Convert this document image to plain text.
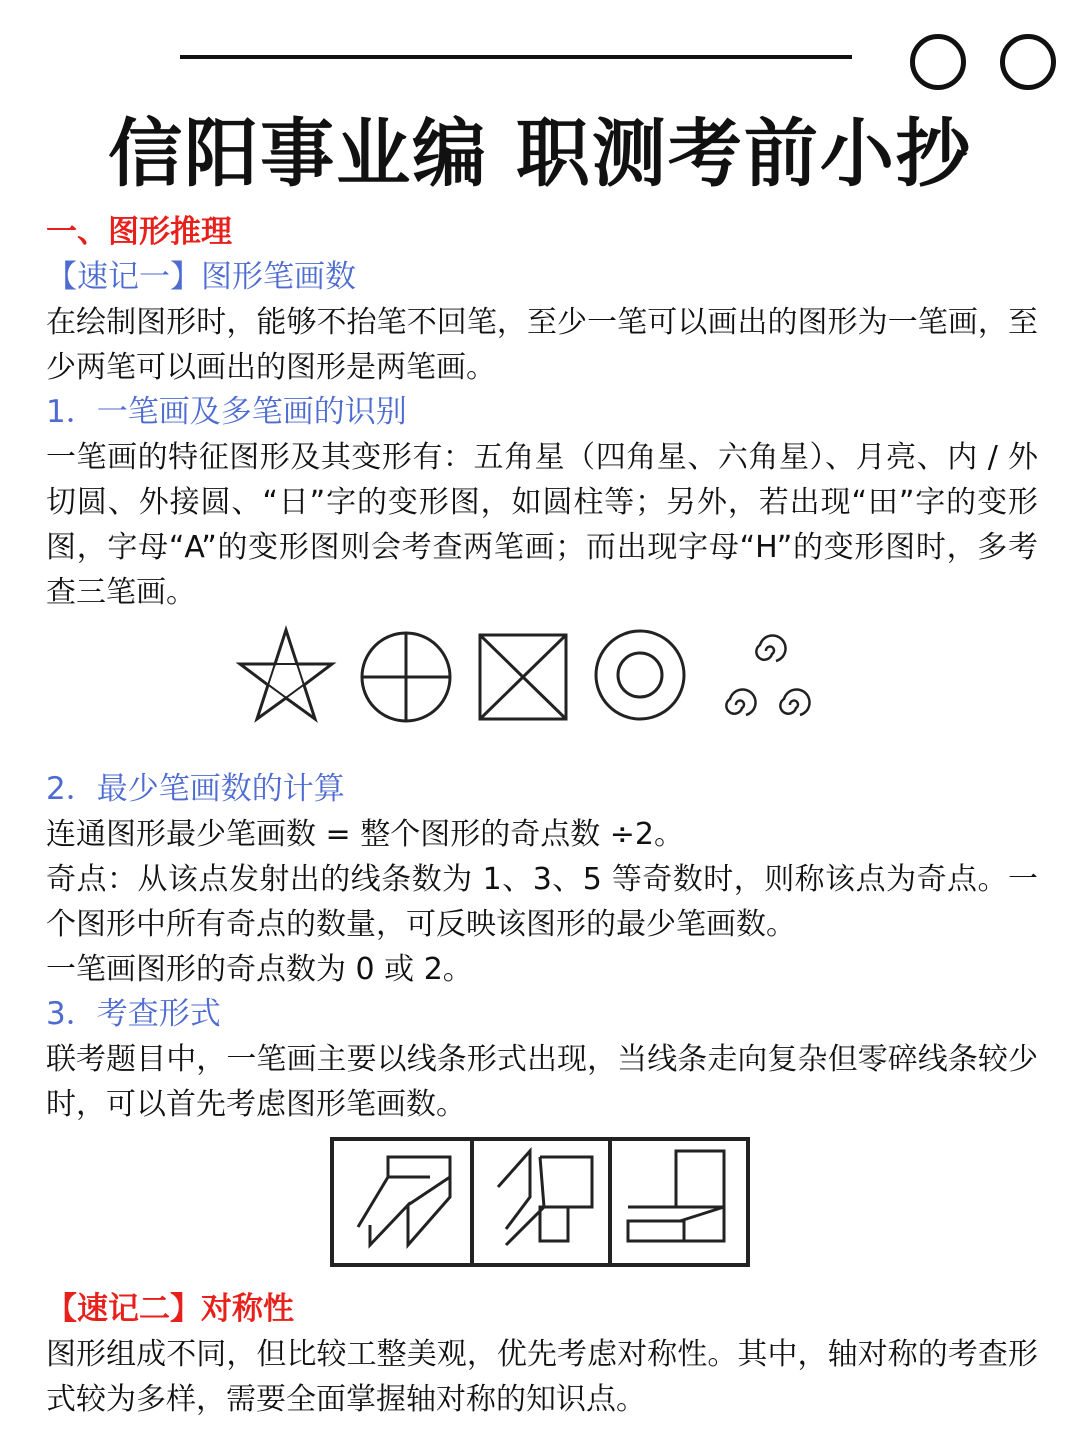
信阳事业编 职测考前小抄
一、图形推理
【速记一】图形笔画数
在绘制图形时，能够不抬笔不回笔，至少一笔可以画出的图形为一笔画，至少两笔可以画出的图形是两笔画。
1．一笔画及多笔画的识别
一笔画的特征图形及其变形有：五角星（四角星、六角星）、月亮、内 / 外切圆、外接圆、“日”字的变形图，如圆柱等；另外，若出现“田”字的变形图，字母“A”的变形图则会考查两笔画；而出现字母“H”的变形图时，多考查三笔画。
2．最少笔画数的计算
连通图形最少笔画数 = 整个图形的奇点数 ÷2。
奇点：从该点发射出的线条数为 1、3、5 等奇数时，则称该点为奇点。一个图形中所有奇点的数量，可反映该图形的最少笔画数。
一笔画图形的奇点数为 0 或 2。
3．考查形式
联考题目中，一笔画主要以线条形式出现，当线条走向复杂但零碎线条较少时，可以首先考虑图形笔画数。
【速记二】对称性
图形组成不同，但比较工整美观，优先考虑对称性。其中，轴对称的考查形式较为多样，需要全面掌握轴对称的知识点。
